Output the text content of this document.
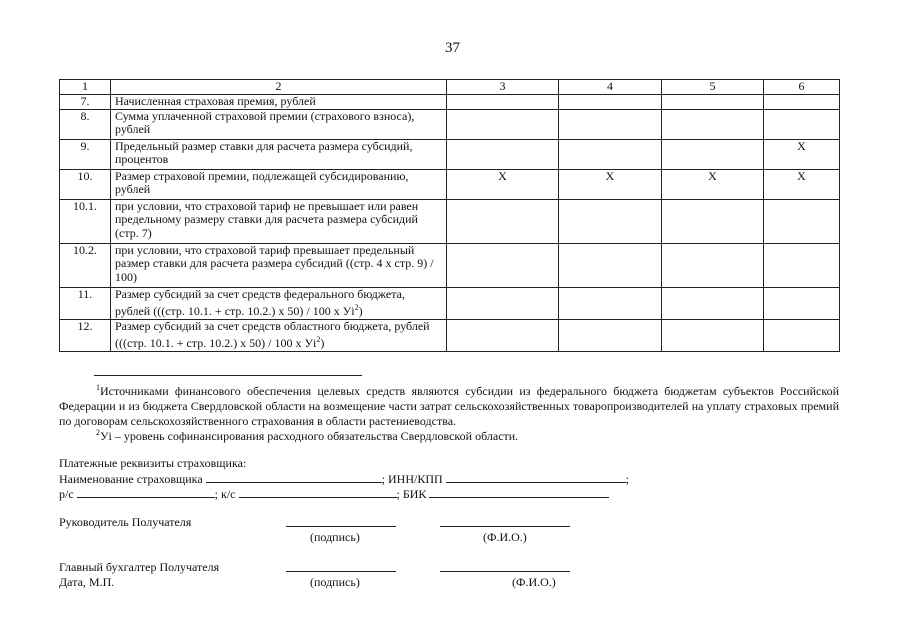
37
1	2	3	4	5	6
7.	Начисленная страховая премия, рублей				
8.	Сумма уплаченной страховой премии (страхового взноса), рублей				
9.	Предельный размер ставки для расчета размера субсидий, процентов				X
10.	Размер страховой премии, подлежащей субсидированию, рублей	X	X	X	X
10.1.	при условии, что страховой тариф не превышает или равен предельному размеру ставки для расчета размера субсидий (стр. 7)				
10.2.	при условии, что страховой тариф превышает предельный размер ставки для расчета размера субсидий ((стр. 4 x стр. 9) / 100)				
11.	Размер субсидий за счет средств федерального бюджета, рублей (((стр. 10.1. + стр. 10.2.) x 50) / 100 x $Уi^2$)				
12.	Размер субсидий за счет средств областного бюджета, рублей (((стр. 10.1. + стр. 10.2.) x 50) / 100 x $Уi^2$)				
$^1$Источниками финансового обеспечения целевых средств являются субсидии из федерального бюджета бюджетам субъектов Российской Федерации и из бюджета Свердловской области на возмещение части затрат сельскохозяйственных товаропроизводителей на уплату страховых премий по договорам сельскохозяйственного страхования в области растениеводства.
$^2$Уi – уровень софинансирования расходного обязательства Свердловской области.
Платежные реквизиты страховщика:
Наименование страховщика	; ИНН/КПП	;
р/с	; к/с	; БИК
Руководитель Получателя
(подпись)	(Ф.И.О.)
Главный бухгалтер Получателя
Дата, М.П.	(подпись)	(Ф.И.О.)
